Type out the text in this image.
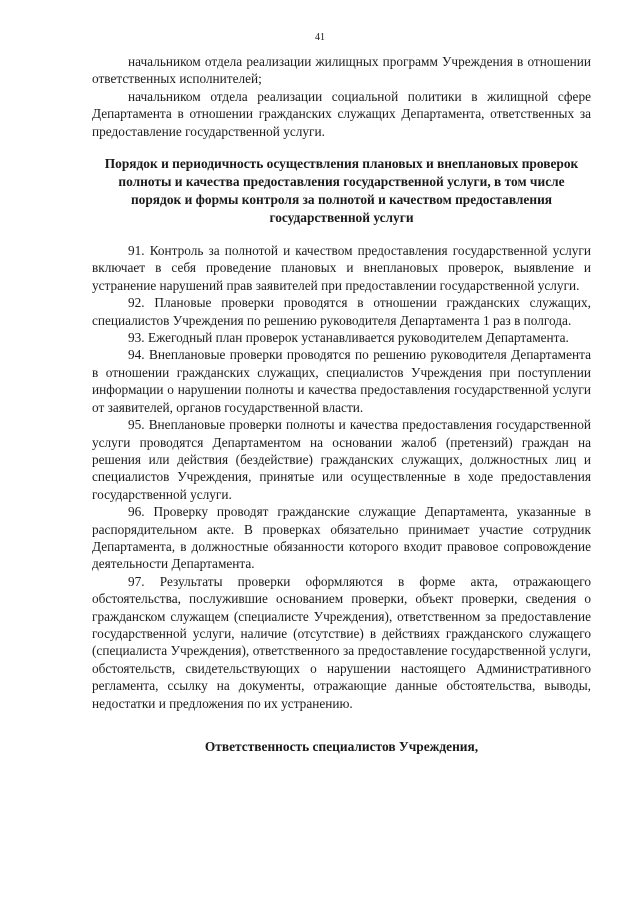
41

начальником отдела реализации жилищных программ Учреждения в отношении ответственных исполнителей;

начальником отдела реализации социальной политики в жилищной сфере Департамента в отношении гражданских служащих Департамента, ответственных за предоставление государственной услуги.

Порядок и периодичность осуществления плановых и внеплановых проверок полноты и качества предоставления государственной услуги, в том числе порядок и формы контроля за полнотой и качеством предоставления государственной услуги

91. Контроль за полнотой и качеством предоставления государственной услуги включает в себя проведение плановых и внеплановых проверок, выявление и устранение нарушений прав заявителей при предоставлении государственной услуги.

92. Плановые проверки проводятся в отношении гражданских служащих, специалистов Учреждения по решению руководителя Департамента 1 раз в полгода.

93. Ежегодный план проверок устанавливается руководителем Департамента.

94. Внеплановые проверки проводятся по решению руководителя Департамента в отношении гражданских служащих, специалистов Учреждения при поступлении информации о нарушении полноты и качества предоставления государственной услуги от заявителей, органов государственной власти.

95. Внеплановые проверки полноты и качества предоставления государственной услуги проводятся Департаментом на основании жалоб (претензий) граждан на решения или действия (бездействие) гражданских служащих, должностных лиц и специалистов Учреждения, принятые или осуществленные в ходе предоставления государственной услуги.

96. Проверку проводят гражданские служащие Департамента, указанные в распорядительном акте. В проверках обязательно принимает участие сотрудник Департамента, в должностные обязанности которого входит правовое сопровождение деятельности Департамента.

97. Результаты проверки оформляются в форме акта, отражающего обстоятельства, послужившие основанием проверки, объект проверки, сведения о гражданском служащем (специалисте Учреждения), ответственном за предоставление государственной услуги, наличие (отсутствие) в действиях гражданского служащего (специалиста Учреждения), ответственного за предоставление государственной услуги, обстоятельств, свидетельствующих о нарушении настоящего Административного регламента, ссылку на документы, отражающие данные обстоятельства, выводы, недостатки и предложения по их устранению.

Ответственность специалистов Учреждения,
